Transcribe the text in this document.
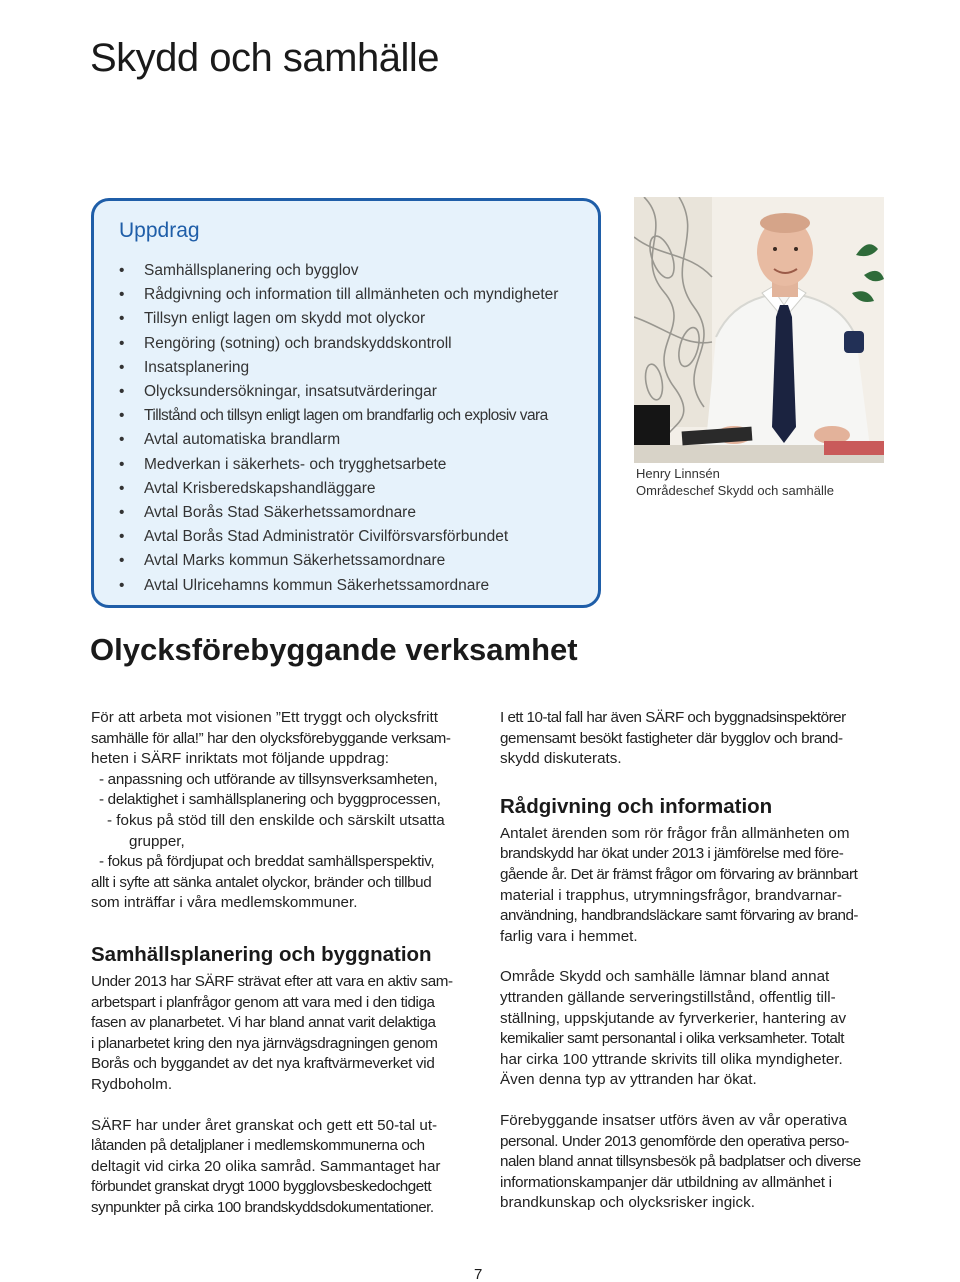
Skydd och samhälle
Uppdrag
• Samhällsplanering och bygglov
• Rådgivning och information till allmänheten och myndigheter
• Tillsyn enligt lagen om skydd mot olyckor
• Rengöring (sotning) och brandskyddskontroll
• Insatsplanering
• Olycksundersökningar, insatsutvärderingar
• Tillstånd och tillsyn enligt lagen om brandfarlig och explosiv vara
• Avtal automatiska brandlarm
• Medverkan i säkerhets- och trygghetsarbete
• Avtal Krisberedskapshandläggare
• Avtal Borås Stad Säkerhetssamordnare
• Avtal Borås Stad Administratör Civilförsvarsförbundet
• Avtal Marks kommun Säkerhetssamordnare
• Avtal Ulricehamns kommun Säkerhetssamordnare
Henry Linnsén
Områdeschef Skydd och samhälle
Olycksförebyggande verksamhet

För att arbeta mot visionen ”Ett tryggt och olycksfritt

samhälle för alla!” har den olycksförebyggande verksam-

heten i SÄRF inriktats mot följande uppdrag:

- anpassning och utförande av tillsynsverksamheten,

- delaktighet i samhällsplanering och byggprocessen,

- fokus på stöd till den enskilde och särskilt utsatta

grupper,

- fokus på fördjupat och breddat samhällsperspektiv,

allt i syfte att sänka antalet olyckor, bränder och tillbud

som inträffar i våra medlemskommuner.

Samhällsplanering och byggnation

Under 2013 har SÄRF strävat efter att vara en aktiv sam-

arbetspart i planfrågor genom att vara med i den tidiga

fasen av planarbetet. Vi har bland annat varit delaktiga

i planarbetet kring den nya järnvägsdragningen genom

Borås och byggandet av det nya kraftvärmeverket vid

Rydboholm.

SÄRF har under året granskat och gett ett 50-tal ut-

låtanden på detaljplaner i medlemskommunerna och

deltagit vid cirka 20 olika samråd. Sammantaget har

förbundet granskat drygt 1000 bygglovsbeskedochgett

synpunkter på cirka 100 brandskyddsdokumentationer.

I ett 10-tal fall har även SÄRF och byggnadsinspektörer

gemensamt besökt fastigheter där bygglov och brand-

skydd diskuterats.

Rådgivning och information

Antalet ärenden som rör frågor från allmänheten om

brandskydd har ökat under 2013 i jämförelse med före-

gående år. Det är främst frågor om förvaring av brännbart

material i trapphus, utrymningsfrågor, brandvarnar-

användning, handbrandsläckare samt förvaring av brand-

farlig vara i hemmet.

Område Skydd och samhälle lämnar bland annat

yttranden gällande serveringstillstånd, offentlig till-

ställning, uppskjutande av fyrverkerier, hantering av

kemikalier samt personantal i olika verksamheter. Totalt

har cirka 100 yttrande skrivits till olika myndigheter.

Även denna typ av yttranden har ökat.

Förebyggande insatser utförs även av vår operativa

personal. Under 2013 genomförde den operativa perso-

nalen bland annat tillsynsbesök på badplatser och diverse

informationskampanjer där utbildning av allmänhet i

brandkunskap och olycksrisker ingick.

7
